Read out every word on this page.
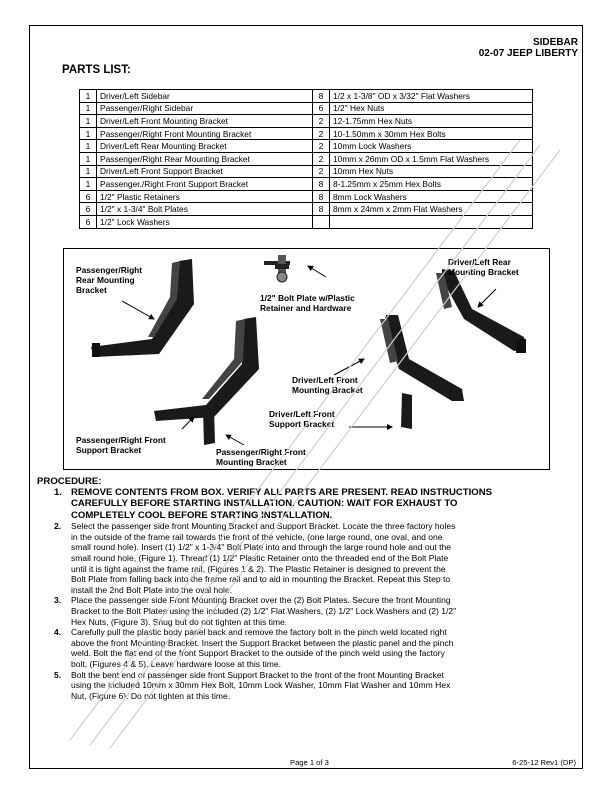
SIDEBAR
02-07 JEEP LIBERTY
PARTS LIST:
1	Driver/Left Sidebar	8	1/2 x 1-3/8" OD x 3/32" Flat Washers
1	Passenger/Right Sidebar	6	1/2" Hex Nuts
1	Driver/Left Front Mounting Bracket	2	12-1.75mm Hex Nuts
1	Passenger/Right Front Mounting Bracket	2	10-1.50mm x 30mm Hex Bolts
1	Driver/Left Rear Mounting Bracket	2	10mm Lock Washers
1	Passenger/Right Rear Mounting Bracket	2	10mm x 26mm OD x 1.5mm Flat Washers
1	Driver/Left Front Support Bracket	2	10mm Hex Nuts
1	Passenger./Right Front Support Bracket	8	8-1.25mm x 25mm Hex Bolts
6	1/2" Plastic Retainers	8	8mm Lock Washers
6	1/2" x 1-3/4" Bolt Plates	8	8mm x 24mm x 2mm Flat Washers
6	1/2" Lock Washers		
Passenger/Right
Rear Mounting
Bracket
1/2" Bolt Plate w/Plastic
Retainer and Hardware
Driver/Left Rear
Mounting Bracket
Driver/Left Front
Mounting Bracket
Driver/Left Front
Support Bracket
Passenger/Right Front
Support Bracket	Passenger/Right Front
Mounting Bracket
PROCEDURE:
1. REMOVE CONTENTS FROM BOX. VERIFY ALL PARTS ARE PRESENT. READ INSTRUCTIONS
CAREFULLY BEFORE STARTING INSTALLATION. CAUTION: WAIT FOR EXHAUST TO
COMPLETELY COOL BEFORE STARTING INSTALLATION.
2. Select the passenger side front Mounting Bracket and Support Bracket. Locate the three factory holes
in the outside of the frame rail towards the front of the vehicle, (one large round, one oval, and one
small round hole). Insert (1) 1/2" x 1-3/4" Bolt Plate into and through the large round hole and out the
small round hole, (Figure 1). Thread (1) 1/2" Plastic Retainer onto the threaded end of the Bolt Plate
until it is tight against the frame rail, (Figures 1 & 2). The Plastic Retainer is designed to prevent the
Bolt Plate from falling back into the frame rail and to aid in mounting the Bracket. Repeat this Step to
install the 2nd Bolt Plate into the oval hole.
3. Place the passenger side Front Mounting Bracket over the (2) Bolt Plates. Secure the front Mounting
Bracket to the Bolt Plates using the included (2) 1/2" Flat Washers, (2) 1/2" Lock Washers and (2) 1/2"
Hex Nuts, (Figure 3). Snug but do not tighten at this time.
4. Carefully pull the plastic body panel back and remove the factory bolt in the pinch weld located right
above the front Mounting Bracket. Insert the Support Bracket between the plastic panel and the pinch
weld. Bolt the flat end of the front Support Bracket to the outside of the pinch weld using the factory
bolt, (Figures 4 & 5). Leave hardware loose at this time.
5. Bolt the bent end of passenger side front Support Bracket to the front of the front Mounting Bracket
using the included 10mm x 30mm Hex Bolt, 10mm Lock Washer, 10mm Flat Washer and 10mm Hex
Nut, (Figure 6). Do not tighten at this time.
Page 1 of 3	6-25-12 Rev1 (DP)
